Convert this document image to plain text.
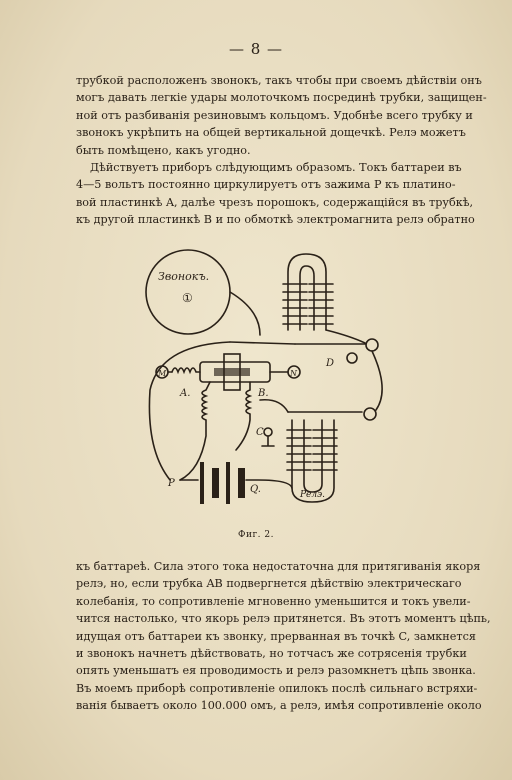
— 8 —
трубкой расположенъ звонокъ, такъ чтобы при своемъ дѣйствіи онъ
могъ давать легкіе удары молоточкомъ посрединѣ трубки, защищен-
ной отъ разбиванія резиновымъ кольцомъ. Удобнѣе всего трубку и
звонокъ укрѣпить на общей вертикальной дощечкѣ. Релэ можетъ
быть помѣщено, какъ угодно.
Дѣйствуетъ приборъ слѣдующимъ образомъ. Токъ баттареи въ
4—5 вольтъ постоянно циркулируетъ отъ зажима P къ платино-
вой пластинкѣ A, далѣе чрезъ порошокъ, содержащійся въ трубкѣ,
къ другой пластинкѣ B и по обмоткѣ электромагнита релэ обратно
Звонокъ.
①
D
M	N
A.	B.
Релэ.
C
P
Q.
Фиг. 2.
къ баттареѣ. Сила этого тока недостаточна для притягиванія якоря
релэ, но, если трубка AB подвергнется дѣйствію электрическаго
колебанія, то сопротивленіе мгновенно уменьшится и токъ увели-
чится настолько, что якорь релэ притянется. Въ этотъ моментъ цѣпь,
идущая отъ баттареи къ звонку, прерванная въ точкѣ C, замкнется
и звонокъ начнетъ дѣйствовать, но тотчасъ же сотрясенія трубки
опять уменьшатъ ея проводимость и релэ разомкнетъ цѣпь звонка.
Въ моемъ приборѣ сопротивленіе опилокъ послѣ сильнаго встряхи-
ванія бываетъ около 100.000 омъ, а релэ, имѣя сопротивленіе около
